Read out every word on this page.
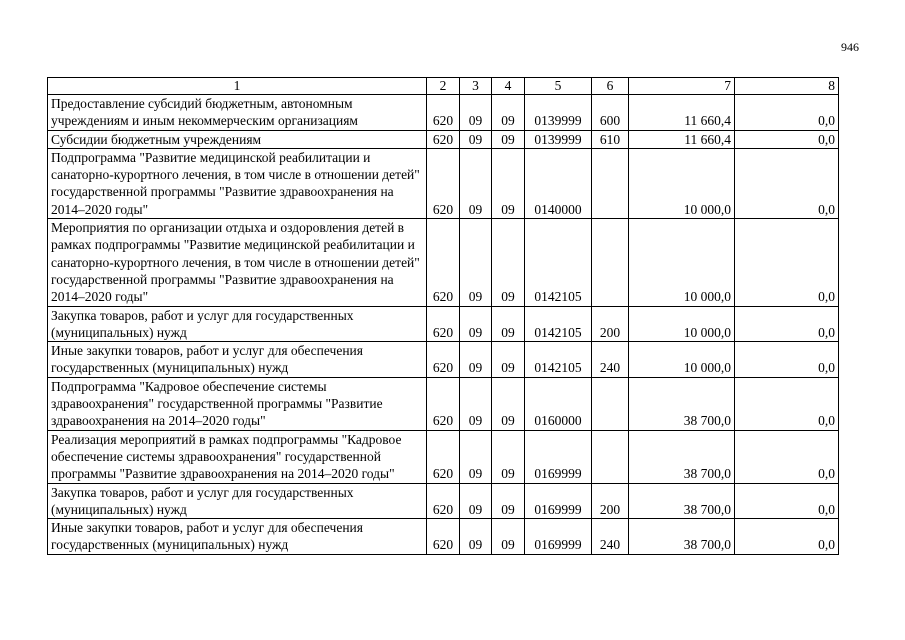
946
1	2	3	4	5	6	7	8
Предоставление субсидий бюджетным, автономным учреждениям и иным некоммерческим организациям	620	09	09	0139999	600	11 660,4	0,0
Субсидии бюджетным учреждениям	620	09	09	0139999	610	11 660,4	0,0
Подпрограмма "Развитие медицинской реабилитации и санаторно-курортного лечения, в том числе в отношении детей" государственной программы "Развитие здравоохранения на 2014–2020 годы"	620	09	09	0140000		10 000,0	0,0
Мероприятия по организации отдыха и оздоровления детей в рамках подпрограммы "Развитие медицинской реабилитации и санаторно-курортного лечения, в том числе в отношении детей" государственной программы "Развитие здравоохранения на 2014–2020 годы"	620	09	09	0142105		10 000,0	0,0
Закупка товаров, работ и услуг для государственных (муниципальных) нужд	620	09	09	0142105	200	10 000,0	0,0
Иные закупки товаров, работ и услуг для обеспечения государственных (муниципальных) нужд	620	09	09	0142105	240	10 000,0	0,0
Подпрограмма "Кадровое обеспечение системы здравоохранения" государственной программы "Развитие здравоохранения на 2014–2020 годы"	620	09	09	0160000		38 700,0	0,0
Реализация мероприятий в рамках подпрограммы "Кадровое обеспечение системы здравоохранения" государственной программы "Развитие здравоохранения на 2014–2020 годы"	620	09	09	0169999		38 700,0	0,0
Закупка товаров, работ и услуг для государственных (муниципальных) нужд	620	09	09	0169999	200	38 700,0	0,0
Иные закупки товаров, работ и услуг для обеспечения государственных (муниципальных) нужд	620	09	09	0169999	240	38 700,0	0,0
